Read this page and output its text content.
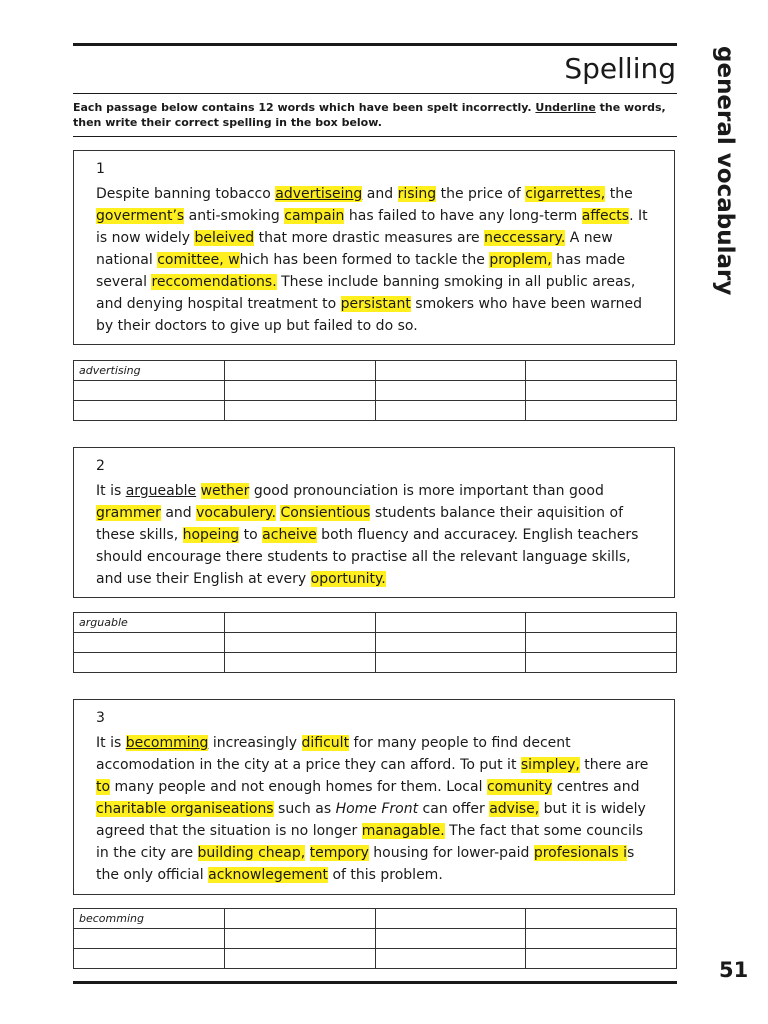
Spelling

Each passage below contains 12 words which have been spelt incorrectly. Underline the words, then write their correct spelling in the box below.	general vocabulary
1

Despite banning tobacco advertiseing and rising the price of cigarrettes, the goverment’s anti-smoking campain has failed to have any long-term affects. It is now widely beleived that more drastic measures are neccessary. A new national comittee, which has been formed to tackle the proplem, has made several reccomendations. These include banning smoking in all public areas, and denying hospital treatment to persistant smokers who have been warned by their doctors to give up but failed to do so.

advertising			

2

It is argueable wether good pronounciation is more important than good grammer and vocabulery. Consientious students balance their aquisition of these skills, hopeing to acheive both fluency and accuracey. English teachers should encourage there students to practise all the relevant language skills, and use their English at every oportunity.

arguable			

3

It is becomming increasingly dificult for many people to find decent accomodation in the city at a price they can afford. To put it simpley, there are to many people and not enough homes for them. Local comunity centres and charitable organiseations such as Home Front can offer advise, but it is widely agreed that the situation is no longer managable. The fact that some councils in the city are building cheap, tempory housing for lower-paid profesionals is the only official acknowlegement of this problem.

becomming			

51
